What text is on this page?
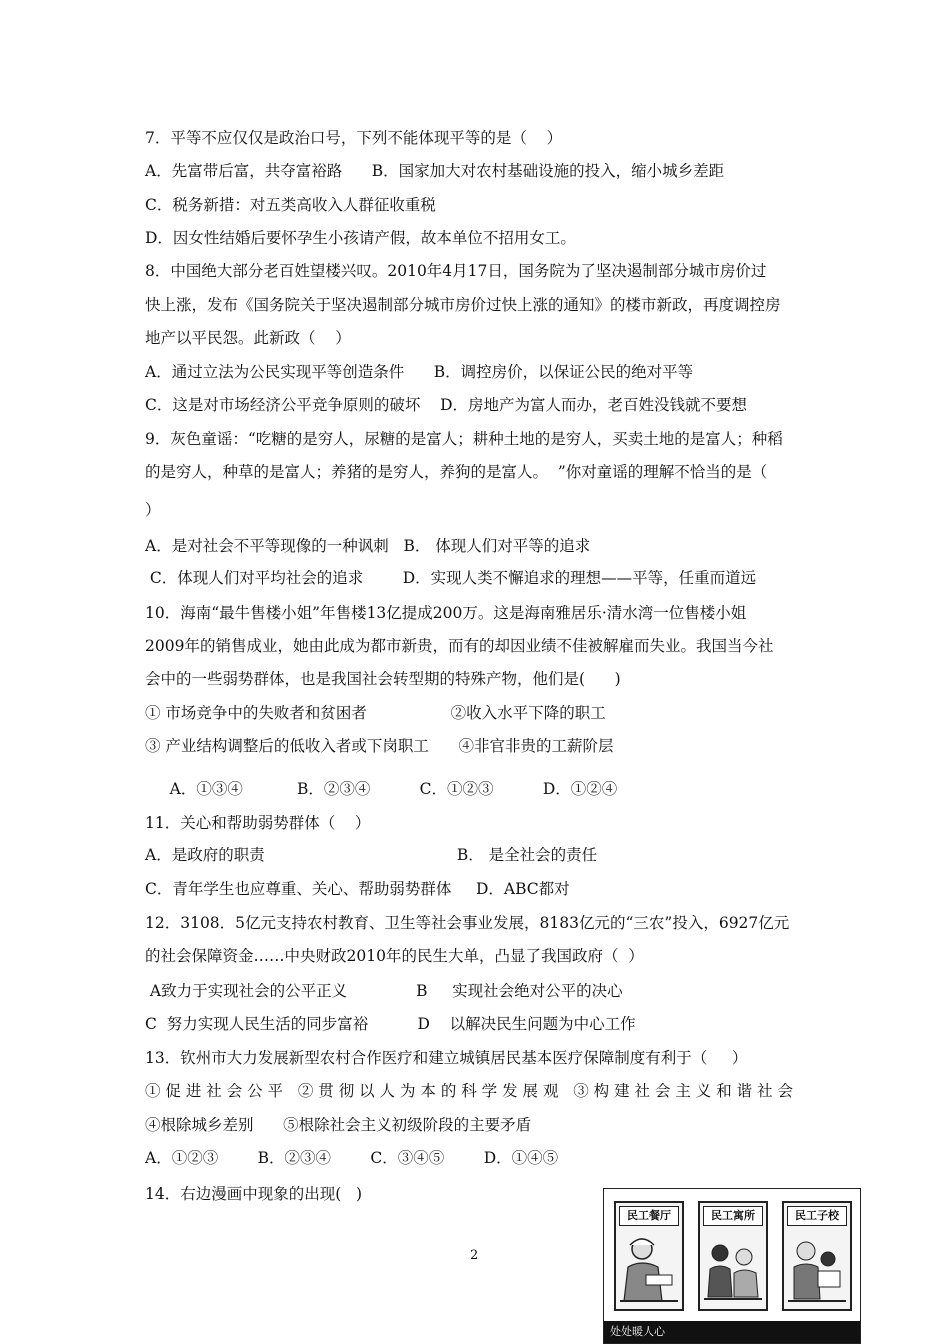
7．平等不应仅仅是政治口号，下列不能体现平等的是（    ）

A．先富带后富，共夺富裕路      B．国家加大对农村基础设施的投入，缩小城乡差距

C．税务新措：对五类高收入人群征收重税

D．因女性结婚后要怀孕生小孩请产假，故本单位不招用女工。

8．中国绝大部分老百姓望楼兴叹。2010年4月17日，国务院为了坚决遏制部分城市房价过

快上涨，发布《国务院关于坚决遏制部分城市房价过快上涨的通知》的楼市新政，再度调控房

地产以平民怨。此新政（    ）

A．通过立法为公民实现平等创造条件      B．调控房价，以保证公民的绝对平等

C．这是对市场经济公平竞争原则的破坏    D．房地产为富人而办，老百姓没钱就不要想

9．灰色童谣：“吃糖的是穷人，尿糖的是富人；耕种土地的是穷人，买卖土地的是富人；种稻

的是穷人，种草的是富人；养猪的是穷人，养狗的是富人。  ”你对童谣的理解不恰当的是（

）

A．是对社会不平等现像的一种讽刺   B． 体现人们对平等的追求

C．体现人们对平均社会的追求        D．实现人类不懈追求的理想——平等，任重而道远

10．海南“最牛售楼小姐”年售楼13亿提成200万。这是海南雅居乐·清水湾一位售楼小姐

2009年的销售成业，她由此成为都市新贵，而有的却因业绩不佳被解雇而失业。我国当今社

会中的一些弱势群体，也是我国社会转型期的特殊产物，他们是(      )

① 市场竞争中的失败者和贫困者                 ②收入水平下降的职工

③ 产业结构调整后的低收入者或下岗职工      ④非官非贵的工薪阶层

A．①③④           B．②③④          C．①②③          D．①②④

11．关心和帮助弱势群体（    ）

A．是政府的职责                                       B． 是全社会的责任

C．青年学生也应尊重、关心、帮助弱势群体     D．ABC都对

12．3108．5亿元支持农村教育、卫生等社会事业发展，8183亿元的“三农”投入，6927亿元

的社会保障资金……中央财政2010年的民生大单，凸显了我国政府（  ）

A致力于实现社会的公平正义              B     实现社会绝对公平的决心

C  努力实现人民生活的同步富裕          D    以解决民生问题为中心工作

13．钦州市大力发展新型农村合作医疗和建立城镇居民基本医疗保障制度有利于（     ）

① 促 进 社 会 公 平   ② 贯 彻 以 人 为 本 的 科 学 发 展 观   ③ 构 建 社 会 主 义 和 谐 社 会

④根除城乡差别      ⑤根除社会主义初级阶段的主要矛盾

A．①②③        B．②③④        C．③④⑤        D．①④⑤

14．右边漫画中现象的出现(   )

2
民工餐厅	民工寓所	民工子校
处处暖人心
